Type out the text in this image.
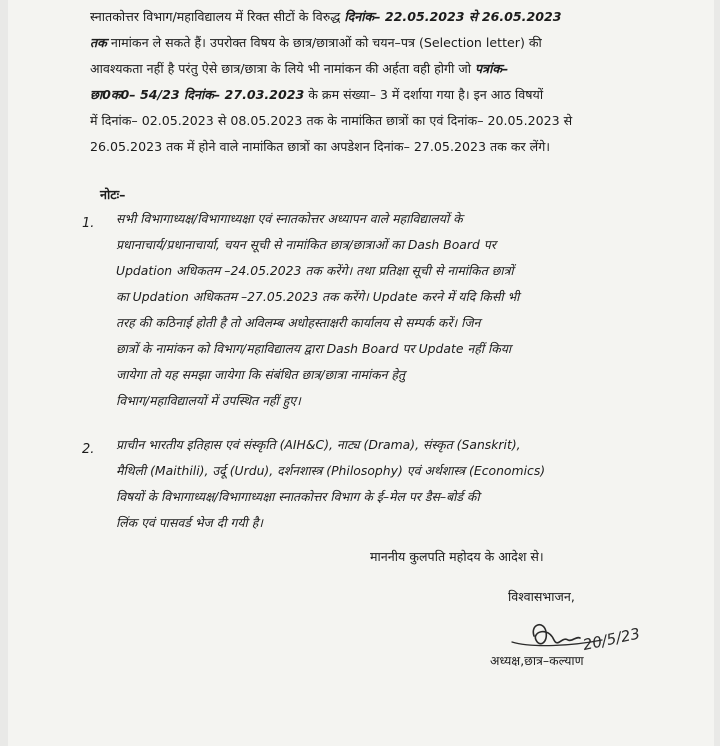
स्नातकोत्तर विभाग/महाविद्यालय में रिक्त सीटों के विरुद्ध दिनांक– 22.05.2023 से 26.05.2023
तक नामांकन ले सकते हैं। उपरोक्त विषय के छात्र/छात्राओं को चयन–पत्र (Selection letter) की
आवश्यकता नहीं है परंतु ऐसे छात्र/छात्रा के लिये भी नामांकन की अर्हता वही होगी जो पत्रांक–
छा0क0– 54/23 दिनांक– 27.03.2023 के क्रम संख्या– 3 में दर्शाया गया है। इन आठ विषयों
में दिनांक– 02.05.2023 से 08.05.2023 तक के नामांकित छात्रों का एवं दिनांक– 20.05.2023 से
26.05.2023 तक में होने वाले नामांकित छात्रों का अपडेशन दिनांक– 27.05.2023 तक कर लेंगे।
नोटः–
1. सभी विभागाध्यक्ष/विभागाध्यक्षा एवं स्नातकोत्तर अध्यापन वाले महाविद्यालयों के
प्रधानाचार्य/प्रधानाचार्या, चयन सूची से नामांकित छात्र/छात्राओं का Dash Board पर
Updation अधिकतम –24.05.2023 तक करेंगे। तथा प्रतिक्षा सूची से नामांकित छात्रों
का Updation अधिकतम –27.05.2023 तक करेंगे। Update करने में यदि किसी भी
तरह की कठिनाई होती है तो अविलम्ब अधोहस्ताक्षरी कार्यालय से सम्पर्क करें। जिन
छात्रों के नामांकन को विभाग/महाविद्यालय द्वारा Dash Board पर Update नहीं किया
जायेगा तो यह समझा जायेगा कि संबंधित छात्र/छात्रा नामांकन हेतु
विभाग/महाविद्यालयों में उपस्थित नहीं हुए।
2. प्राचीन भारतीय इतिहास एवं संस्कृति (AIH&C), नाट्य (Drama), संस्कृत (Sanskrit),
मैथिली (Maithili), उर्दू (Urdu), दर्शनशास्त्र (Philosophy) एवं अर्थशास्त्र (Economics)
विषयों के विभागाध्यक्ष/विभागाध्यक्षा स्नातकोत्तर विभाग के ई–मेल पर डैस–बोर्ड की
लिंक एवं पासवर्ड भेज दी गयी है।
माननीय कुलपति महोदय के आदेश से।
विश्वासभाजन,
20/5/23
अध्यक्ष,छात्र–कल्याण
